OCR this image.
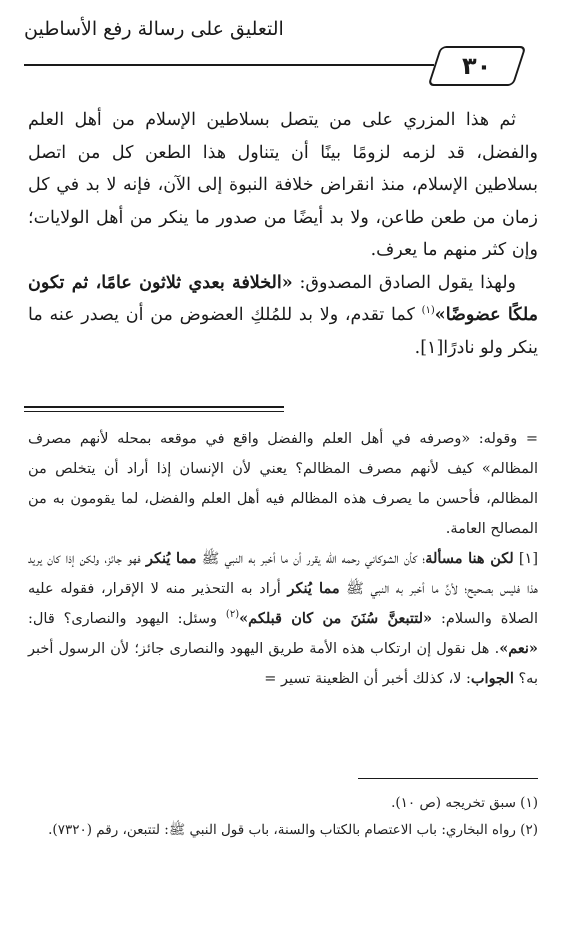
التعليق على رسالة رفع الأساطين
٣٠

ثم هذا المزري على من يتصل بسلاطين الإسلام من أهل العلم والفضل، قد لزمه لزومًا بينًا أن يتناول هذا الطعن كل من اتصل بسلاطين الإسلام، منذ انقراض خلافة النبوة إلى الآن، فإنه لا بد في كل زمان من طعن طاعن، ولا بد أيضًا من صدور ما ينكر من أهل الولايات؛ وإن كثر منهم ما يعرف.

ولهذا يقول الصادق المصدوق: «الخلافة بعدي ثلاثون عامًا، ثم تكون ملكًا عضوضًا»$^{(١)}$ كما تقدم، ولا بد للمُلكِ العضوض من أن يصدر عنه ما ينكر ولو نادرًا[١].

= وقوله: «وصرفه في أهل العلم والفضل واقع في موقعه بمحله لأنهم مصرف المظالم» كيف لأنهم مصرف المظالم؟ يعني لأن الإنسان إذا أراد أن يتخلص من المظالم، فأحسن ما يصرف هذه المظالم فيه أهل العلم والفضل، لما يقومون به من المصالح العامة.

[١] لكن هنا مسألة؛ كأن الشوكاني رحمه الله يقرر أن ما أخبر به النبي ﷺ مما يُنكر فهو جائز، ولكن إذا كان يريد هذا فليس بصحيح؛ لأنَّ ما أخبر به النبي ﷺ مما يُنكر أراد به التحذير منه لا الإقرار، فقوله عليه الصلاة والسلام: «لتتبعنَّ سُنَنَ من كان قبلكم»$^{(٢)}$ وسئل: اليهود والنصارى؟ قال: «نعم». هل نقول إن ارتكاب هذه الأمة طريق اليهود والنصارى جائز؛ لأن الرسول أخبر به؟ الجواب: لا، كذلك أخبر أن الظعينة تسير =

(١) سبق تخريجه (ص ١٠).

(٢) رواه البخاري: باب الاعتصام بالكتاب والسنة، باب قول النبي ﷺ: لتتبعن، رقم (٧٣٢٠).
